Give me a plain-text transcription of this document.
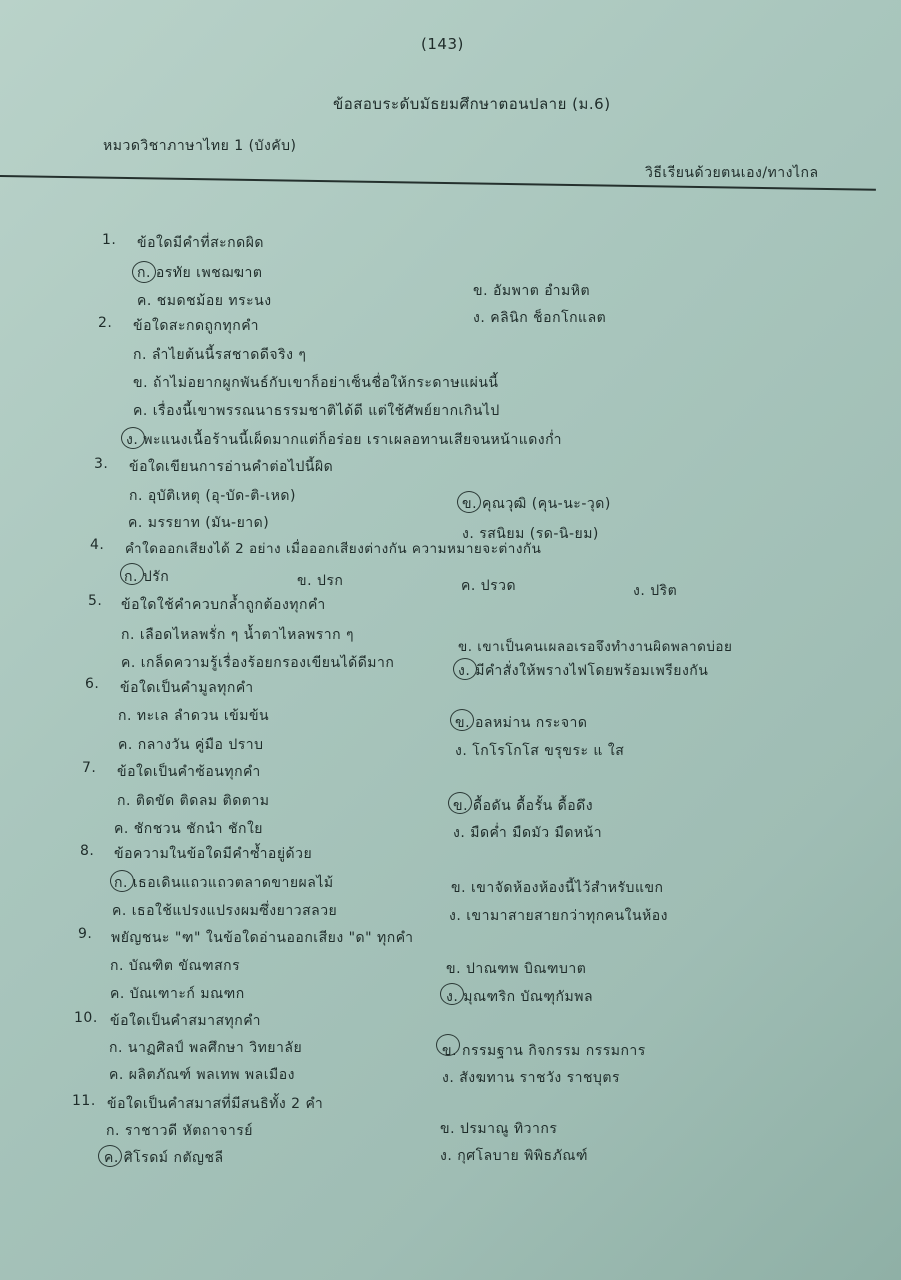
(143)
ข้อสอบระดับมัธยมศึกษาตอนปลาย (ม.6)
หมวดวิชาภาษาไทย 1 (บังคับ)
วิธีเรียนด้วยตนเอง/ทางไกล
1. ข้อใดมีคำที่สะกดผิด
ก. อรทัย เพชฌฆาต
ข. อัมพาต อำมหิต
ค. ชมดชม้อย ทระนง
ง. คลินิก ช็อกโกแลต
2. ข้อใดสะกดถูกทุกคำ
ก. ลำไยต้นนี้รสชาดดีจริง ๆ
ข. ถ้าไม่อยากผูกพันธ์กับเขาก็อย่าเซ็นชื่อให้กระดาษแผ่นนี้
ค. เรื่องนี้เขาพรรณนาธรรมชาติได้ดี แต่ใช้ศัพย์ยากเกินไป
ง. พะแนงเนื้อร้านนี้เผ็ดมากแต่ก็อร่อย เราเผลอทานเสียจนหน้าแดงก่ำ
3. ข้อใดเขียนการอ่านคำต่อไปนี้ผิด
ก. อุบัติเหตุ (อุ-บัด-ติ-เหด)	ข. คุณวุฒิ (คุน-นะ-วุด)
ค. มรรยาท (มัน-ยาด)
ง. รสนิยม (รด-นิ-ยม)
4. คำใดออกเสียงได้ 2 อย่าง เมื่อออกเสียงต่างกัน ความหมายจะต่างกัน
ก. ปรัก	ข. ปรก	ค. ปรวด	ง. ปริต
5. ข้อใดใช้คำควบกล้ำถูกต้องทุกคำ
ก. เลือดไหลพรั่ก ๆ น้ำตาไหลพราก ๆ
ข. เขาเป็นคนเผลอเรอจึงทำงานผิดพลาดบ่อย
ค. เกล็ดความรู้เรื่องร้อยกรองเขียนได้ดีมาก	ง. มีคำสั่งให้พรางไฟโดยพร้อมเพรียงกัน
6. ข้อใดเป็นคำมูลทุกคำ
ก. ทะเล ลำดวน เข้มข้น	ข. อลหม่าน กระจาด
ค. กลางวัน คู่มือ ปราบ	ง. โกโรโกโส ขรุขระ แ ใส
7. ข้อใดเป็นคำซ้อนทุกคำ
ก. ติดขัด ติดลม ติดตาม	ข. ดื้อดัน ดื้อรั้น ดื้อดึง
ค. ชักชวน ชักนำ ชักใย	ง. มืดค่ำ มืดมัว มืดหน้า
8. ข้อความในข้อใดมีคำซ้ำอยู่ด้วย
ก. เธอเดินแถวแถวตลาดขายผลไม้	ข. เขาจัดห้องห้องนี้ไว้สำหรับแขก
ค. เธอใช้แปรงแปรงผมซึ่งยาวสลวย	ง. เขามาสายสายกว่าทุกคนในห้อง
9. พยัญชนะ "ฑ" ในข้อใดอ่านออกเสียง "ด" ทุกคำ
ก. บัณฑิต ขัณฑสกร	ข. ปาณฑพ บิณฑบาต
ค. บัณเฑาะก์ มณฑก	ง. มุณฑริก บัณฑุกัมพล
10. ข้อใดเป็นคำสมาสทุกคำ
ก. นาฏศิลป์ พลศึกษา วิทยาลัย	ข. กรรมฐาน กิจกรรม กรรมการ
ค. ผลิตภัณฑ์ พลเทพ พลเมือง	ง. สังฆทาน ราชวัง ราชบุตร
11. ข้อใดเป็นคำสมาสที่มีสนธิทั้ง 2 คำ
ก. ราชาวดี หัตถาจารย์	ข. ปรมาณู ทิวากร
ค. ศิโรดม์ กตัญชลี	ง. กุศโลบาย พิพิธภัณฑ์
